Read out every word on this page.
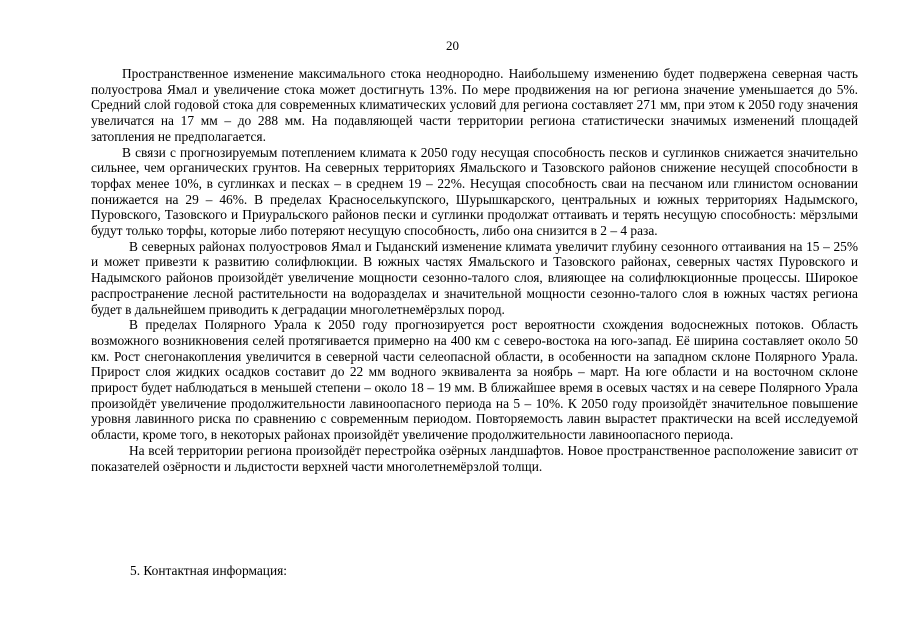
20

Пространственное изменение максимального стока неоднородно. Наибольшему изменению будет подвержена северная часть полуострова Ямал и увеличение стока может достигнуть 13%. По мере продвижения на юг региона значение уменьшается до 5%. Средний слой годовой стока для современных климатических условий для региона составляет 271 мм, при этом к 2050 году значения увеличатся на 17 мм – до 288 мм. На подавляющей части территории региона статистически значимых изменений площадей затопления не предполагается.

В связи с прогнозируемым потеплением климата к 2050 году несущая способность песков и суглинков снижается значительно сильнее, чем органических грунтов. На северных территориях Ямальского и Тазовского районов снижение несущей способности в торфах менее 10%, в суглинках и песках – в среднем 19 – 22%. Несущая способность сваи на песчаном или глинистом основании понижается на 29 – 46%. В пределах Красноселькупского, Шурышкарского, центральных и южных территориях Надымского, Пуровского, Тазовского и Приуральского районов пески и суглинки продолжат оттаивать и терять несущую способность: мёрзлыми будут только торфы, которые либо потеряют несущую способность, либо она снизится в 2 – 4 раза.

В северных районах полуостровов Ямал и Гыданский изменение климата увеличит глубину сезонного оттаивания на 15 – 25% и может привезти к развитию солифлюкции. В южных частях Ямальского и Тазовского районах, северных частях Пуровского и Надымского районов произойдёт увеличение мощности сезонно-талого слоя, влияющее на солифлюкционные процессы. Широкое распространение лесной растительности на водоразделах и значительной мощности сезонно-талого слоя в южных частях региона будет в дальнейшем приводить к деградации многолетнемёрзлых пород.

В пределах Полярного Урала к 2050 году прогнозируется рост вероятности схождения водоснежных потоков. Область возможного возникновения селей протягивается примерно на 400 км с северо-востока на юго-запад. Её ширина составляет около 50 км. Рост снегонакопления увеличится в северной части селеопасной области, в особенности на западном склоне Полярного Урала. Прирост слоя жидких осадков составит до 22 мм водного эквивалента за ноябрь – март. На юге области и на восточном склоне прирост будет наблюдаться в меньшей степени – около 18 – 19 мм. В ближайшее время в осевых частях и на севере Полярного Урала произойдёт увеличение продолжительности лавиноопасного периода на 5 – 10%. К 2050 году произойдёт значительное повышение уровня лавинного риска по сравнению с современным периодом. Повторяемость лавин вырастет практически на всей исследуемой области, кроме того, в некоторых районах произойдёт увеличение продолжительности лавиноопасного периода.

На всей территории региона произойдёт перестройка озёрных ландшафтов. Новое пространственное расположение зависит от показателей озёрности и льдистости верхней части многолетнемёрзлой толщи.

5. Контактная информация:
